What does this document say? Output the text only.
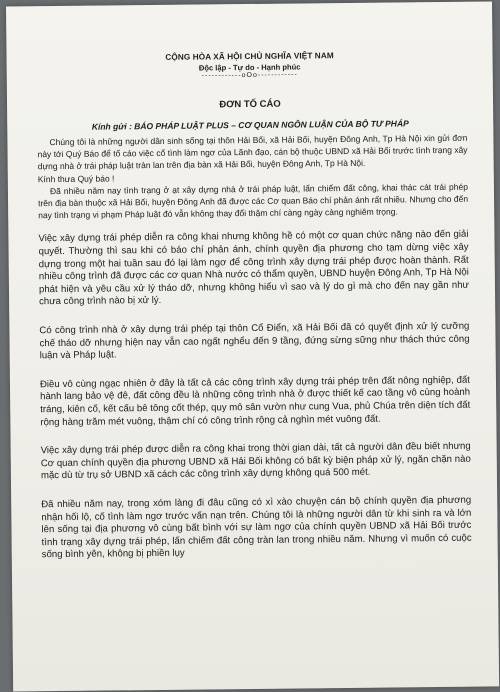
CỘNG HÒA XÃ HỘI CHỦ NGHĨA VIỆT NAM
Độc lập - Tự do - Hạnh phúc
------------oOo------------
ĐƠN TỐ CÁO
Kính gửi : BÁO PHÁP LUẬT PLUS – CƠ QUAN NGÔN LUẬN CỦA BỘ TƯ PHÁP

Chúng tôi là những người dân sinh sống tại thôn Hải Bối, xã Hải Bối, huyện Đông Anh, Tp Hà Nội xin gửi đơn này tới Quý Báo để tố cáo việc cố tình làm ngơ của Lãnh đạo, cán bộ thuộc UBND xã Hải Bối trước tình trạng xây dựng nhà ở trái pháp luật tràn lan trên địa bàn xã Hải Bối, huyện Đông Anh, Tp Hà Nội.

Kính thưa Quý báo !

Đã nhiều năm nay tình trạng ở ạt xây dựng nhà ở trái pháp luật, lấn chiếm đất công, khai thác cát trái phép trên địa bàn thuộc xã Hải Bối, huyện Đông Anh đã được các Cơ quan Báo chí phản ánh rất nhiều. Nhưng cho đến nay tình trạng vi phạm Pháp luật đó vẫn không thay đổi thậm chí càng ngày càng nghiêm trọng.

Việc xây dựng trái phép diễn ra công khai nhưng không hề có một cơ quan chức năng nào đến giải quyết. Thường thì sau khi có báo chí phản ánh, chính quyền địa phương cho tạm dừng việc xây dựng trong một hai tuần sau đó lại làm ngơ để công trình xây dựng trái phép được hoàn thành. Rất nhiều công trình đã được các cơ quan Nhà nước có thẩm quyền, UBND huyện Đông Anh, Tp Hà Nội phát hiện và yêu cầu xử lý tháo dỡ, nhưng không hiểu vì sao và lý do gì mà cho đến nay gần như chưa công trình nào bị xử lý.

Có công trình nhà ở xây dựng trái phép tại thôn Cổ Điển, xã Hải Bối đã có quyết định xử lý cưỡng chế tháo dỡ nhưng hiện nay vẫn cao ngất nghểu đến 9 tầng, đứng sừng sững như thách thức công luận và Pháp luật.

Điều vô cùng ngạc nhiên ở đây là tất cả các công trình xây dựng trái phép trên đất nông nghiệp, đất hành lang bảo vệ đê, đất công đều là những công trình nhà ở được thiết kế cao tầng vô cùng hoành tráng, kiên cố, kết cấu bê tông cốt thép, quy mô sân vườn như cung Vua, phủ Chúa trên diện tích đất rộng hàng trăm mét vuông, thậm chí có công trình rộng cả nghìn mét vuông đất.

Việc xây dựng trái phép được diễn ra công khai trong thời gian dài, tất cả người dân đều biết nhưng Cơ quan chính quyền địa phương UBND xã Hải Bối không có bất kỳ biện pháp xử lý, ngăn chặn nào mặc dù từ trụ sở UBND xã cách các công trình xây dựng không quá 500 mét.

Đã nhiều năm nay, trong xóm làng đi đâu cũng có xì xào chuyện cán bộ chính quyền địa phương nhận hối lộ, cố tình làm ngơ trước vấn nạn trên. Chúng tôi là những người dân từ khi sinh ra và lớn lên sống tại địa phương vô cùng bất bình với sự làm ngơ của chính quyền UBND xã Hải Bối trước tình trạng xây dựng trái phép, lấn chiếm đất công tràn lan trong nhiều năm. Nhưng vì muốn có cuộc sống bình yên, không bị phiền lụy
